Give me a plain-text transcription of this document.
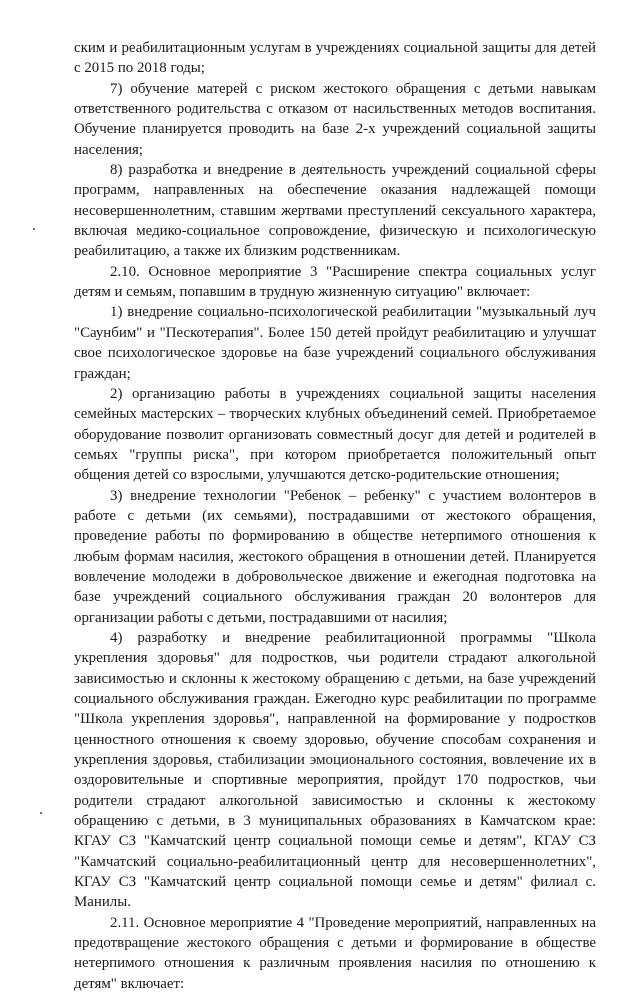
ским и реабилитационным услугам в учреждениях социальной защиты для детей с 2015 по 2018 годы;

7) обучение матерей с риском жестокого обращения с детьми навыкам ответственного родительства с отказом от насильственных методов воспитания. Обучение планируется проводить на базе 2-х учреждений социальной защиты населения;

8) разработка и внедрение в деятельность учреждений социальной сферы программ, направленных на обеспечение оказания надлежащей помощи несовершеннолетним, ставшим жертвами преступлений сексуального характера, включая медико-социальное сопровождение, физическую и психологическую реабилитацию, а также их близким родственникам.

2.10. Основное мероприятие 3 "Расширение спектра социальных услуг детям и семьям, попавшим в трудную жизненную ситуацию" включает:

1) внедрение социально-психологической реабилитации "музыкальный луч "Саунбим" и "Пескотерапия". Более 150 детей пройдут реабилитацию и улучшат свое психологическое здоровье на базе учреждений социального обслуживания граждан;

2) организацию работы в учреждениях социальной защиты населения семейных мастерских – творческих клубных объединений семей. Приобретаемое оборудование позволит организовать совместный досуг для детей и родителей в семьях "группы риска", при котором приобретается положительный опыт общения детей со взрослыми, улучшаются детско-родительские отношения;

3) внедрение технологии "Ребенок – ребенку" с участием волонтеров в работе с детьми (их семьями), пострадавшими от жестокого обращения, проведение работы по формированию в обществе нетерпимого отношения к любым формам насилия, жестокого обращения в отношении детей. Планируется вовлечение молодежи в добровольческое движение и ежегодная подготовка на базе учреждений социального обслуживания граждан 20 волонтеров для организации работы с детьми, пострадавшими от насилия;

4) разработку и внедрение реабилитационной программы "Школа укрепления здоровья" для подростков, чьи родители страдают алкогольной зависимостью и склонны к жестокому обращению с детьми, на базе учреждений социального обслуживания граждан. Ежегодно курс реабилитации по программе "Школа укрепления здоровья", направленной на формирование у подростков ценностного отношения к своему здоровью, обучение способам сохранения и укрепления здоровья, стабилизации эмоционального состояния, вовлечение их в оздоровительные и спортивные мероприятия, пройдут 170 подростков, чьи родители страдают алкогольной зависимостью и склонны к жестокому обращению с детьми, в 3 муниципальных образованиях в Камчатском крае: КГАУ СЗ "Камчатский центр социальной помощи семье и детям", КГАУ СЗ "Камчатский социально-реабилитационный центр для несовершеннолетних", КГАУ СЗ "Камчатский центр социальной помощи семье и детям" филиал с. Манилы.

2.11. Основное мероприятие 4 "Проведение мероприятий, направленных на предотвращение жестокого обращения с детьми и формирование в обществе нетерпимого отношения к различным проявления насилия по отношению к детям" включает:
